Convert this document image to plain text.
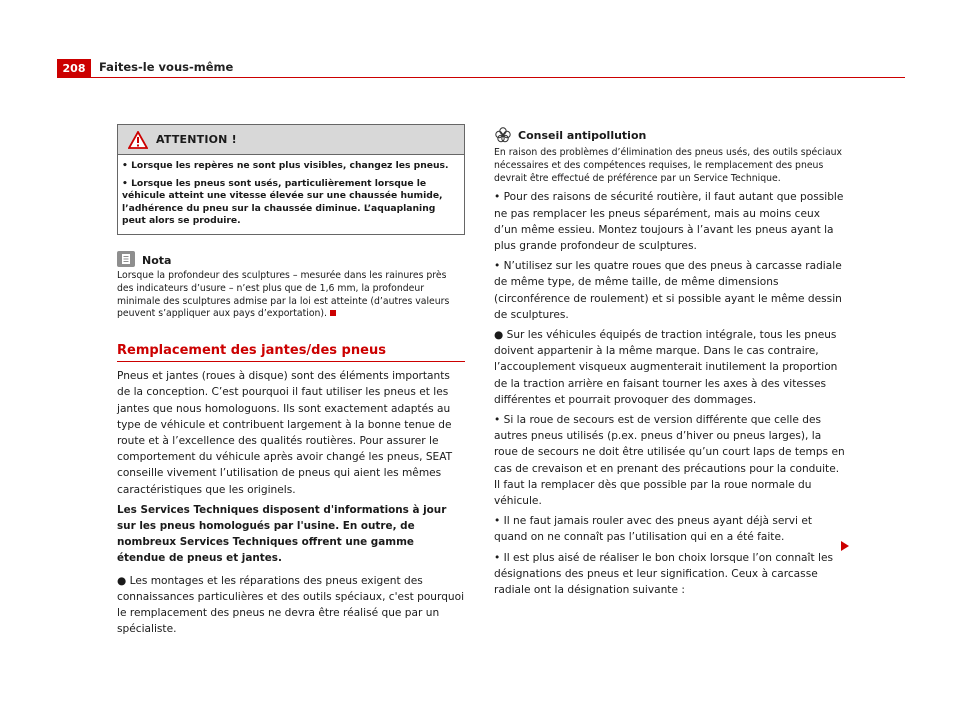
208	Faites-le vous-même
ATTENTION !
• Lorsque les repères ne sont plus visibles, changez les pneus.
• Lorsque les pneus sont usés, particulièrement lorsque le véhicule atteint une vitesse élevée sur une chaussée humide, l’adhérence du pneu sur la chaussée diminue. L’aquaplaning peut alors se produire.
Nota
Lorsque la profondeur des sculptures – mesurée dans les rainures près des indicateurs d’usure – n’est plus que de 1,6 mm, la profondeur minimale des sculptures admise par la loi est atteinte (d’autres valeurs peuvent s’appliquer aux pays d’exportation).
Remplacement des jantes/des pneus
Pneus et jantes (roues à disque) sont des éléments importants de la conception. C’est pourquoi il faut utiliser les pneus et les jantes que nous homologuons. Ils sont exactement adaptés au type de véhicule et contribuent largement à la bonne tenue de route et à l’excellence des qualités routières. Pour assurer le comportement du véhicule après avoir changé les pneus, SEAT conseille vivement l’utilisation de pneus qui aient les mêmes caractéristiques que les originels.
Les Services Techniques disposent d'informations à jour sur les pneus homologués par l'usine. En outre, de nombreux Services Techniques offrent une gamme étendue de pneus et jantes.
● Les montages et les réparations des pneus exigent des connaissances particulières et des outils spéciaux, c'est pourquoi le remplacement des pneus ne devra être réalisé que par un spécialiste.
Conseil antipollution
En raison des problèmes d’élimination des pneus usés, des outils spéciaux nécessaires et des compétences requises, le remplacement des pneus devrait être effectué de préférence par un Service Technique.
• Pour des raisons de sécurité routière, il faut autant que possible ne pas remplacer les pneus séparément, mais au moins ceux d’un même essieu. Montez toujours à l’avant les pneus ayant la plus grande profondeur de sculptures.
• N’utilisez sur les quatre roues que des pneus à carcasse radiale de même type, de même taille, de même dimensions (circonférence de roulement) et si possible ayant le même dessin de sculptures.
● Sur les véhicules équipés de traction intégrale, tous les pneus doivent appartenir à la même marque. Dans le cas contraire, l’accouplement visqueux augmenterait inutilement la proportion de la traction arrière en faisant tourner les axes à des vitesses différentes et pourrait provoquer des dommages.
• Si la roue de secours est de version différente que celle des autres pneus utilisés (p.ex. pneus d’hiver ou pneus larges), la roue de secours ne doit être utilisée qu’un court laps de temps en cas de crevaison et en prenant des précautions pour la conduite. Il faut la remplacer dès que possible par la roue normale du véhicule.
• Il ne faut jamais rouler avec des pneus ayant déjà servi et quand on ne connaît pas l’utilisation qui en a été faite.
• Il est plus aisé de réaliser le bon choix lorsque l’on connaît les désignations des pneus et leur signification. Ceux à carcasse radiale ont la désignation suivante :
